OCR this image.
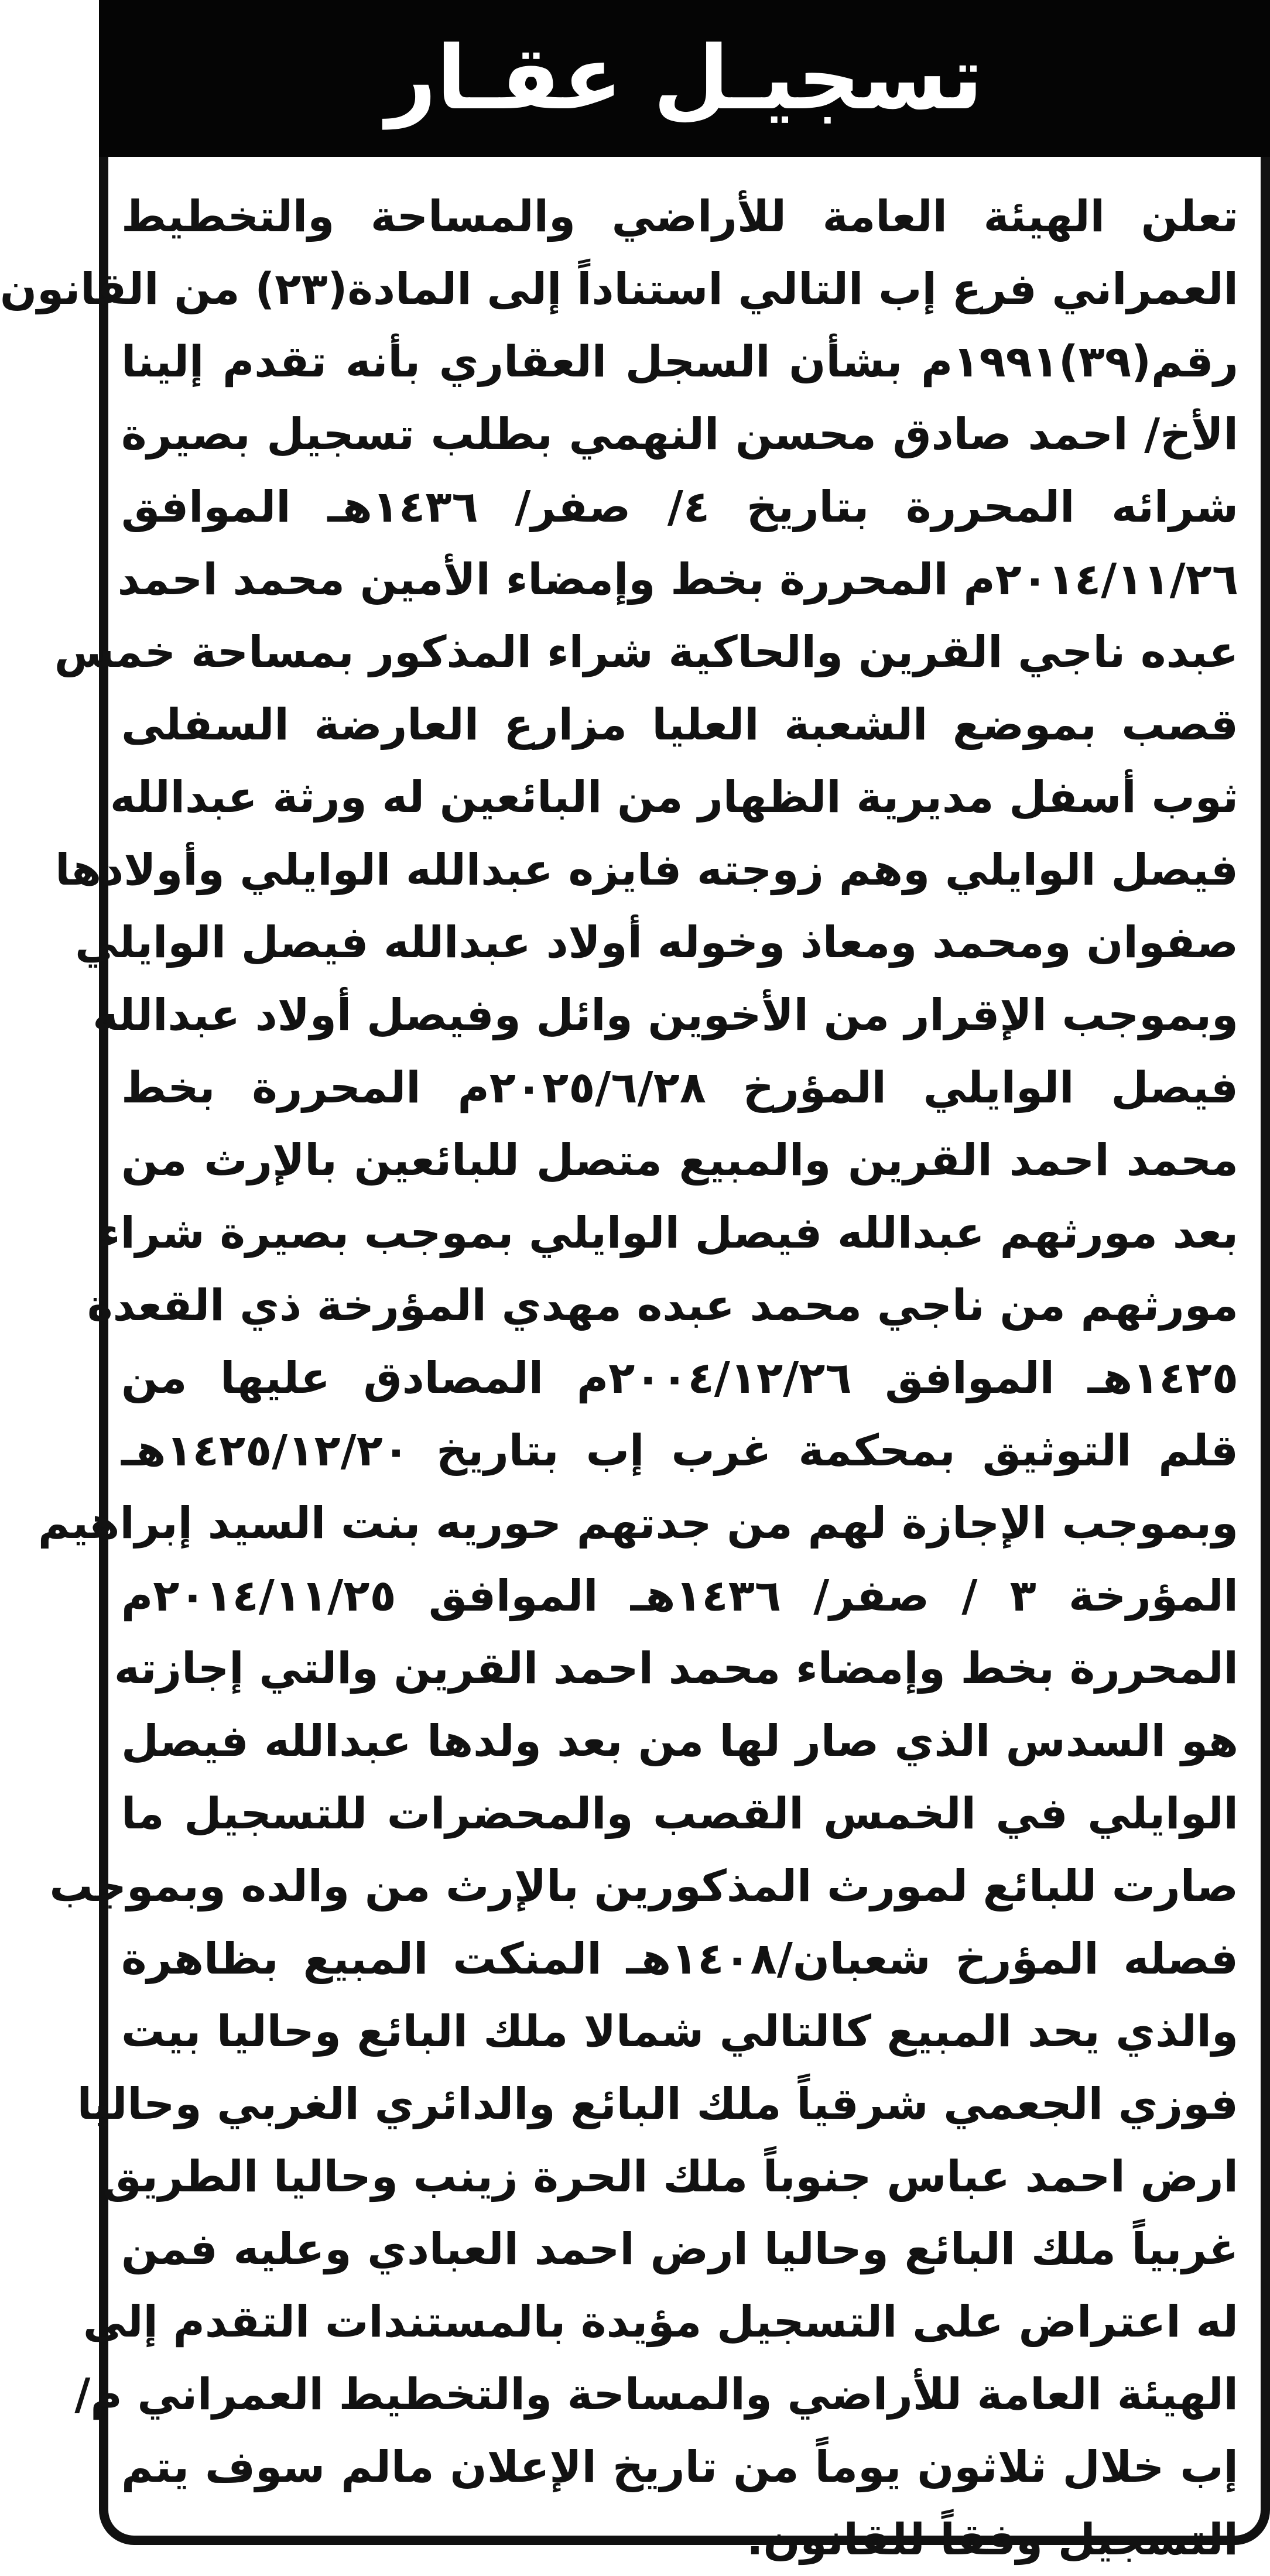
تسجيـل عقـار
تعلن الهيئة العامة للأراضي والمساحة والتخطيط
العمراني فرع إب التالي استناداً إلى المادة(٢٣) من القانون
رقم(٣٩)١٩٩١م بشأن السجل العقاري بأنه تقدم إلينا
الأخ/ احمد صادق محسن النهمي بطلب تسجيل بصيرة
شرائه المحررة بتاريخ ٤/ صفر/ ١٤٣٦هـ الموافق
٢٠١٤/١١/٢٦م المحررة بخط وإمضاء الأمين محمد احمد
عبده ناجي القرين والحاكية شراء المذكور بمساحة خمس
قصب بموضع الشعبة العليا مزارع العارضة السفلى
ثوب أسفل مديرية الظهار من البائعين له ورثة عبدالله
فيصل الوايلي وهم زوجته فايزه عبدالله الوايلي وأولادها
صفوان ومحمد ومعاذ وخوله أولاد عبدالله فيصل الوايلي
وبموجب الإقرار من الأخوين وائل وفيصل أولاد عبدالله
فيصل الوايلي المؤرخ ٢٠٢٥/٦/٢٨م المحررة بخط
محمد احمد القرين والمبيع متصل للبائعين بالإرث من
بعد مورثهم عبدالله فيصل الوايلي بموجب بصيرة شراء
مورثهم من ناجي محمد عبده مهدي المؤرخة ذي القعدة
١٤٢٥هـ الموافق ٢٠٠٤/١٢/٢٦م المصادق عليها من
قلم التوثيق بمحكمة غرب إب بتاريخ ١٤٢٥/١٢/٢٠هـ
وبموجب الإجازة لهم من جدتهم حوريه بنت السيد إبراهيم
المؤرخة ٣ / صفر/ ١٤٣٦هـ الموافق ٢٠١٤/١١/٢٥م
المحررة بخط وإمضاء محمد احمد القرين والتي إجازته
هو السدس الذي صار لها من بعد ولدها عبدالله فيصل
الوايلي في الخمس القصب والمحضرات للتسجيل ما
صارت للبائع لمورث المذكورين بالإرث من والده وبموجب
فصله المؤرخ شعبان/١٤٠٨هـ المنكت المبيع بظاهرة
والذي يحد المبيع كالتالي شمالا ملك البائع وحاليا بيت
فوزي الجعمي شرقياً ملك البائع والدائري الغربي وحاليا
ارض احمد عباس جنوباً ملك الحرة زينب وحاليا الطريق
غربياً ملك البائع وحاليا ارض احمد العبادي وعليه فمن
له اعتراض على التسجيل مؤيدة بالمستندات التقدم إلى
الهيئة العامة للأراضي والمساحة والتخطيط العمراني م/
إب خلال ثلاثون يوماً من تاريخ الإعلان مالم سوف يتم
التسجيل وفقاً للقانون.
